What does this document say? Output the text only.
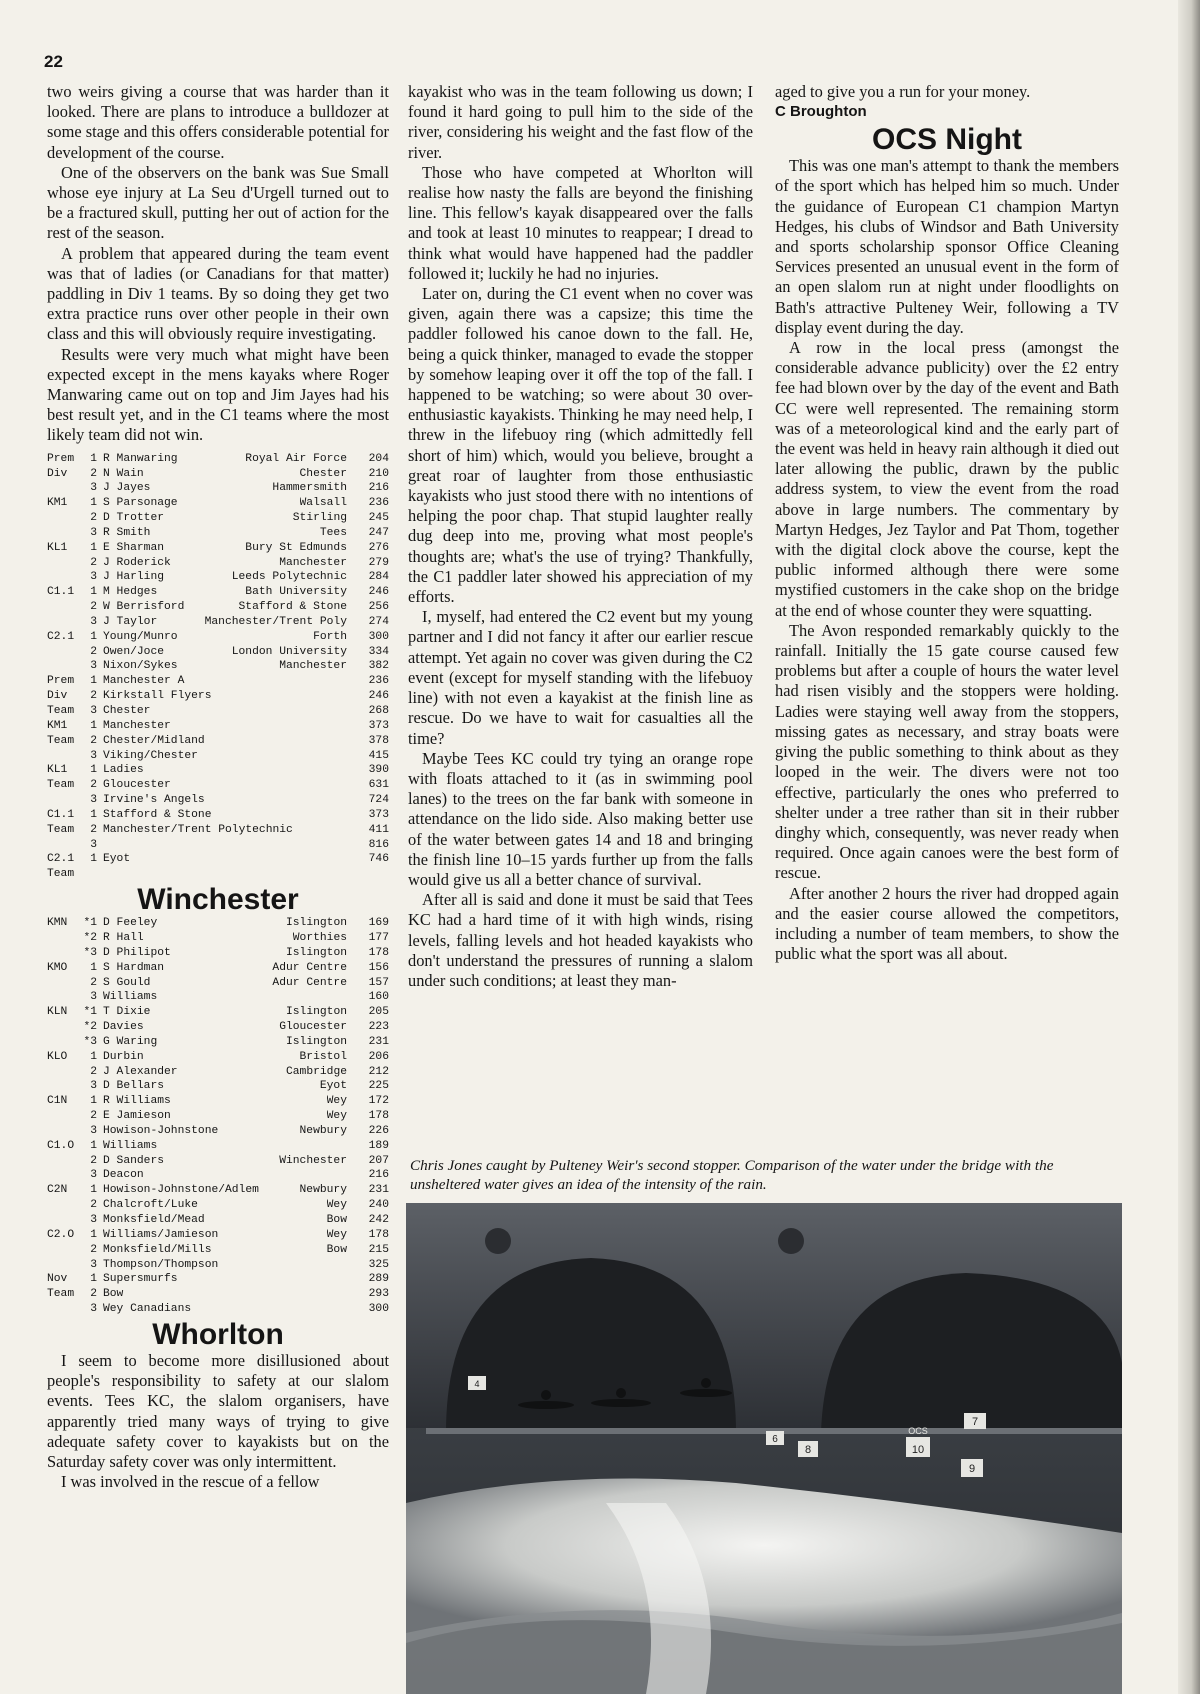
22

two weirs giving a course that was harder than it looked. There are plans to introduce a bulldozer at some stage and this offers considerable potential for development of the course.

One of the observers on the bank was Sue Small whose eye injury at La Seu d'Urgell turned out to be a fractured skull, putting her out of action for the rest of the season.

A problem that appeared during the team event was that of ladies (or Canadians for that matter) paddling in Div 1 teams. By so doing they get two extra practice runs over other people in their own class and this will obviously require investigating.

Results were very much what might have been expected except in the mens kayaks where Roger Manwaring came out on top and Jim Jayes had his best result yet, and in the C1 teams where the most likely team did not win.

Prem	1 R Manwaring	Royal Air Force	204
Div	2 N Wain	Chester	210
3 J Jayes	Hammersmith	216
KM1	1 S Parsonage	Walsall	236
2 D Trotter	Stirling	245
3 R Smith	Tees	247
KL1	1 E Sharman	Bury St Edmunds	276
2 J Roderick	Manchester	279
3 J Harling	Leeds Polytechnic	284
C1.1	1 M Hedges	Bath University	246
2 W Berrisford	Stafford & Stone	256
3 J Taylor	Manchester/Trent Poly	274
C2.1	1 Young/Munro	Forth	300
2 Owen/Joce	London University	334
3 Nixon/Sykes	Manchester	382
Prem	1 Manchester A	236
Div	2 Kirkstall Flyers	246
Team	3 Chester	268
KM1	1 Manchester	373
Team	2 Chester/Midland	378
3 Viking/Chester	415
KL1	1 Ladies	390
Team	2 Gloucester	631
3 Irvine's Angels	724
C1.1	1 Stafford & Stone	373
Team	2 Manchester/Trent Polytechnic	411
3	816
C2.1	1 Eyot	746
Team
Winchester
KMN	*1 D Feeley	Islington	169
*2 R Hall	Worthies	177
*3 D Philipot	Islington	178
KMO	1 S Hardman	Adur Centre	156
2 S Gould	Adur Centre	157
3 Williams	160
KLN	*1 T Dixie	Islington	205
*2 Davies	Gloucester	223
*3 G Waring	Islington	231
KLO	1 Durbin	Bristol	206
2 J Alexander	Cambridge	212
3 D Bellars	Eyot	225
C1N	1 R Williams	Wey	172
2 E Jamieson	Wey	178
3 Howison-Johnstone	Newbury	226
C1.O	1 Williams	189
2 D Sanders	Winchester	207
3 Deacon	216
C2N	1 Howison-Johnstone/Adlem	Newbury	231
2 Chalcroft/Luke	Wey	240
3 Monksfield/Mead	Bow	242
C2.O	1 Williams/Jamieson	Wey	178
2 Monksfield/Mills	Bow	215
3 Thompson/Thompson	325
Nov	1 Supersmurfs	289
Team	2 Bow	293
3 Wey Canadians	300
Whorlton

I seem to become more disillusioned about people's responsibility to safety at our slalom events. Tees KC, the slalom organisers, have apparently tried many ways of trying to give adequate safety cover to kayakists but on the Saturday safety cover was only intermittent.

I was involved in the rescue of a fellow

kayakist who was in the team following us down; I found it hard going to pull him to the side of the river, considering his weight and the fast flow of the river.

Those who have competed at Whorlton will realise how nasty the falls are beyond the finishing line. This fellow's kayak disappeared over the falls and took at least 10 minutes to reappear; I dread to think what would have happened had the paddler followed it; luckily he had no injuries.

Later on, during the C1 event when no cover was given, again there was a capsize; this time the paddler followed his canoe down to the fall. He, being a quick thinker, managed to evade the stopper by somehow leaping over it off the top of the fall. I happened to be watching; so were about 30 over-enthusiastic kayakists. Thinking he may need help, I threw in the lifebuoy ring (which admittedly fell short of him) which, would you believe, brought a great roar of laughter from those enthusiastic kayakists who just stood there with no intentions of helping the poor chap. That stupid laughter really dug deep into me, proving what most people's thoughts are; what's the use of trying? Thankfully, the C1 paddler later showed his appreciation of my efforts.

I, myself, had entered the C2 event but my young partner and I did not fancy it after our earlier rescue attempt. Yet again no cover was given during the C2 event (except for myself standing with the lifebuoy line) with not even a kayakist at the finish line as rescue. Do we have to wait for casualties all the time?

Maybe Tees KC could try tying an orange rope with floats attached to it (as in swimming pool lanes) to the trees on the far bank with someone in attendance on the lido side. Also making better use of the water between gates 14 and 18 and bringing the finish line 10–15 yards further up from the falls would give us all a better chance of survival.

After all is said and done it must be said that Tees KC had a hard time of it with high winds, rising levels, falling levels and hot headed kayakists who don't understand the pressures of running a slalom under such conditions; at least they man-

aged to give you a run for your money.

C Broughton

OCS Night

This was one man's attempt to thank the members of the sport which has helped him so much. Under the guidance of European C1 champion Martyn Hedges, his clubs of Windsor and Bath University and sports scholarship sponsor Office Cleaning Services presented an unusual event in the form of an open slalom run at night under floodlights on Bath's attractive Pulteney Weir, following a TV display event during the day.

A row in the local press (amongst the considerable advance publicity) over the £2 entry fee had blown over by the day of the event and Bath CC were well represented. The remaining storm was of a meteorological kind and the early part of the event was held in heavy rain although it died out later allowing the public, drawn by the public address system, to view the event from the road above in large numbers. The commentary by Martyn Hedges, Jez Taylor and Pat Thom, together with the digital clock above the course, kept the public informed although there were some mystified customers in the cake shop on the bridge at the end of whose counter they were squatting.

The Avon responded remarkably quickly to the rainfall. Initially the 15 gate course caused few problems but after a couple of hours the water level had risen visibly and the stoppers were holding. Ladies were staying well away from the stoppers, missing gates as necessary, and stray boats were giving the public something to think about as they looped in the weir. The divers were not too effective, particularly the ones who preferred to shelter under a tree rather than sit in their rubber dinghy which, consequently, was never ready when required. Once again canoes were the best form of rescue.

After another 2 hours the river had dropped again and the easier course allowed the competitors, including a number of team members, to show the public what the sport was all about.

Chris Jones caught by Pulteney Weir's second stopper. Comparison of the water under the bridge with the unsheltered water gives an idea of the intensity of the rain.

4
8
7
10
9
6
OCS
